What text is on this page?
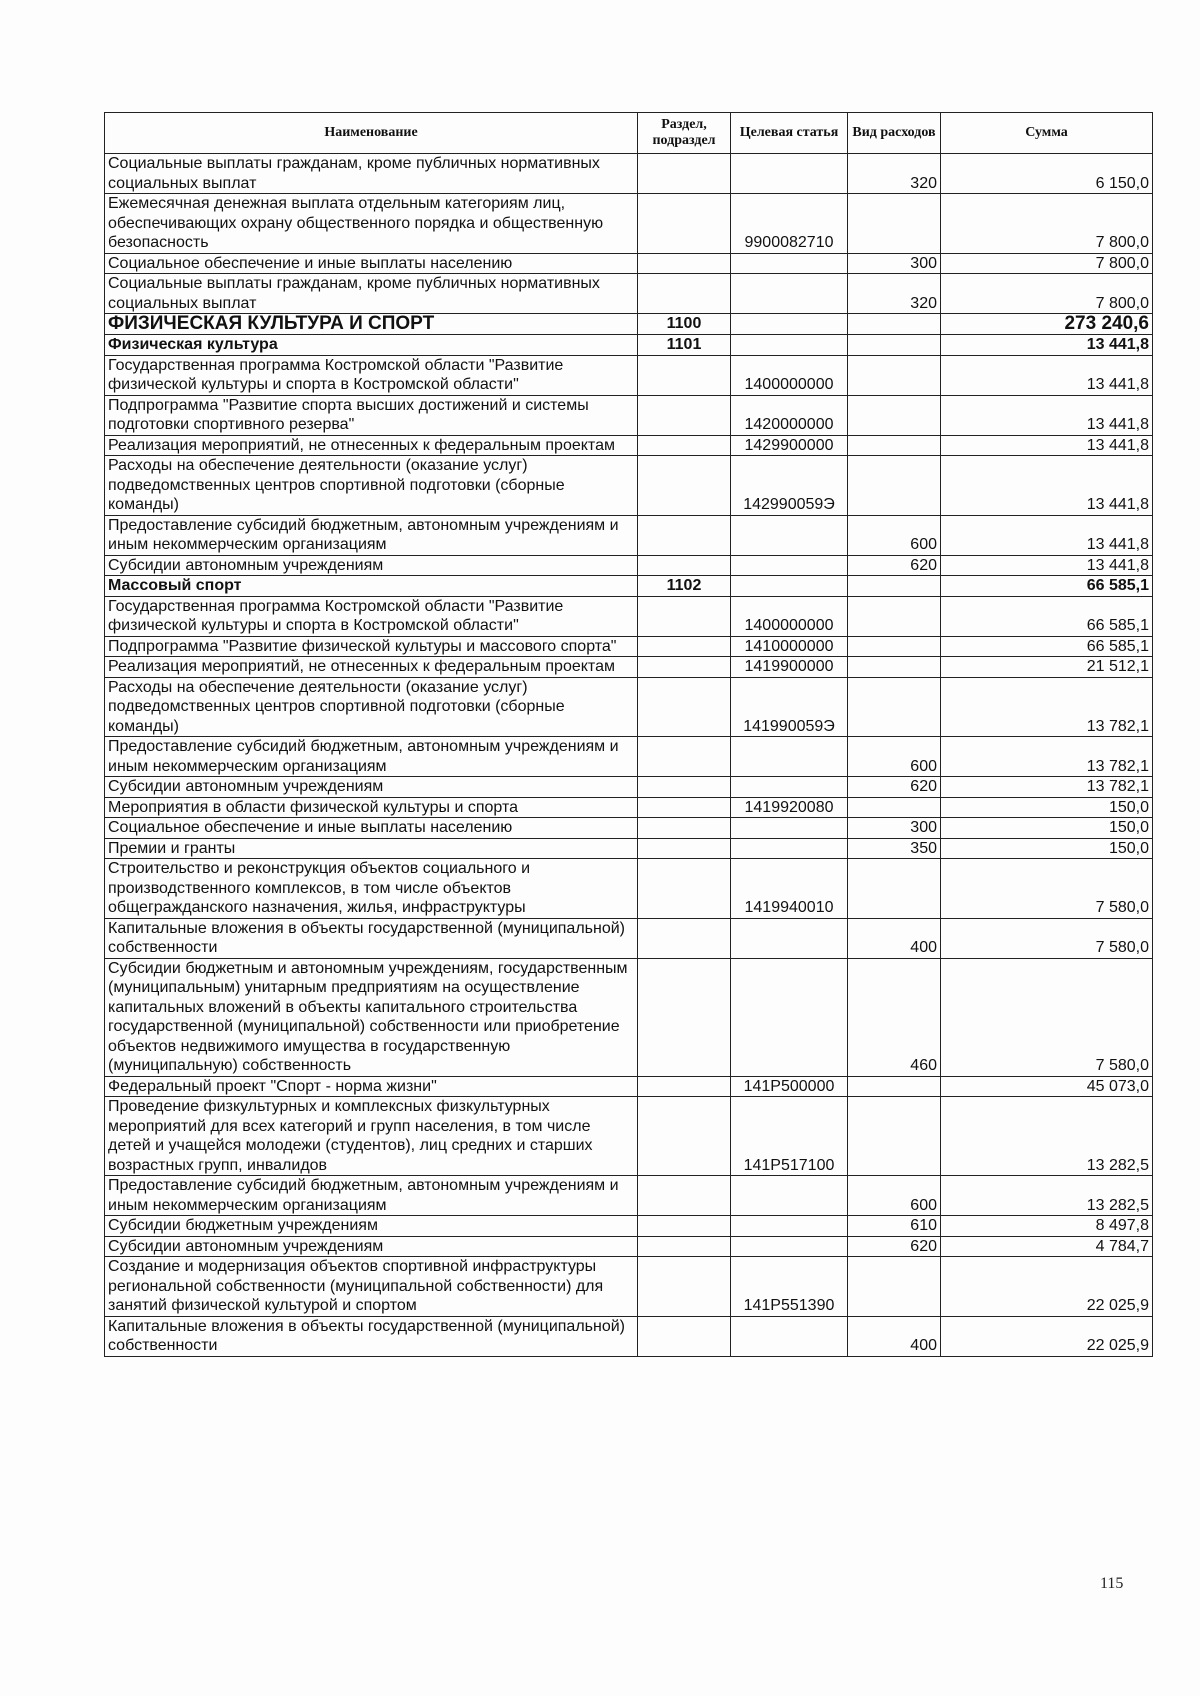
Наименование	Раздел, подраздел	Целевая статья	Вид расходов	Сумма
Социальные выплаты гражданам, кроме публичных нормативных социальных выплат			320	6 150,0
Ежемесячная денежная выплата отдельным категориям лиц, обеспечивающих охрану общественного порядка и общественную безопасность		9900082710		7 800,0
Социальное обеспечение и иные выплаты населению			300	7 800,0
Социальные выплаты гражданам, кроме публичных нормативных социальных выплат			320	7 800,0
ФИЗИЧЕСКАЯ КУЛЬТУРА И СПОРТ	1100			273 240,6
Физическая культура	1101			13 441,8
Государственная программа Костромской области "Развитие физической культуры и спорта в Костромской области"		1400000000		13 441,8
Подпрограмма "Развитие спорта высших достижений и системы подготовки спортивного резерва"		1420000000		13 441,8
Реализация мероприятий, не отнесенных к федеральным проектам		1429900000		13 441,8
Расходы на обеспечение деятельности (оказание услуг) подведомственных центров спортивной подготовки (сборные команды)		142990059Э		13 441,8
Предоставление субсидий бюджетным, автономным учреждениям и иным некоммерческим организациям			600	13 441,8
Субсидии автономным учреждениям			620	13 441,8
Массовый спорт	1102			66 585,1
Государственная программа Костромской области "Развитие физической культуры и спорта в Костромской области"		1400000000		66 585,1
Подпрограмма "Развитие физической культуры и массового спорта"		1410000000		66 585,1
Реализация мероприятий, не отнесенных к федеральным проектам		1419900000		21 512,1
Расходы на обеспечение деятельности (оказание услуг) подведомственных центров спортивной подготовки (сборные команды)		141990059Э		13 782,1
Предоставление субсидий бюджетным, автономным учреждениям и иным некоммерческим организациям			600	13 782,1
Субсидии автономным учреждениям			620	13 782,1
Мероприятия в области физической культуры и спорта		1419920080		150,0
Социальное обеспечение и иные выплаты населению			300	150,0
Премии и гранты			350	150,0
Строительство и реконструкция объектов социального и производственного комплексов, в том числе объектов общегражданского назначения, жилья, инфраструктуры		1419940010		7 580,0
Капитальные вложения в объекты государственной (муниципальной) собственности			400	7 580,0
Субсидии бюджетным и автономным учреждениям, государственным (муниципальным) унитарным предприятиям на осуществление капитальных вложений в объекты капитального строительства государственной (муниципальной) собственности или приобретение объектов недвижимого имущества в государственную (муниципальную) собственность			460	7 580,0
Федеральный проект "Спорт - норма жизни"		141P500000		45 073,0
Проведение физкультурных и комплексных физкультурных мероприятий для всех категорий и групп населения, в том числе детей и учащейся молодежи (студентов), лиц средних и старших возрастных групп, инвалидов		141P517100		13 282,5
Предоставление субсидий бюджетным, автономным учреждениям и иным некоммерческим организациям			600	13 282,5
Субсидии бюджетным учреждениям			610	8 497,8
Субсидии автономным учреждениям			620	4 784,7
Создание и модернизация объектов спортивной инфраструктуры региональной собственности (муниципальной собственности) для занятий физической культурой и спортом		141P551390		22 025,9
Капитальные вложения в объекты государственной (муниципальной) собственности			400	22 025,9
115
